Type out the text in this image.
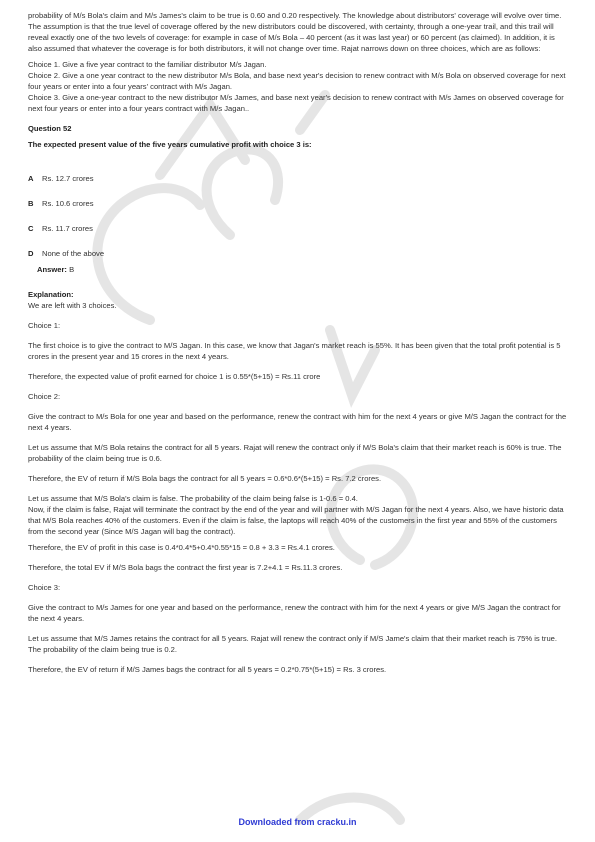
probability of M/s Bola's claim and M/s James's claim to be true is 0.60 and 0.20 respectively. The knowledge about distributors' coverage will evolve over time. The assumption is that the true level of coverage offered by the new distributors could be discovered, with certainty, through a one-year trail, and this trail will reveal exactly one of the two levels of coverage: for example in case of M/s Bola – 40 percent (as it was last year) or 60 percent (as claimed). In addition, it is also assumed that whatever the coverage is for both distributors, it will not change over time. Rajat narrows down on three choices, which are as follows:

Choice 1. Give a five year contract to the familiar distributor M/s Jagan.

Choice 2. Give a one year contract to the new distributor M/s Bola, and base next year's decision to renew contract with M/s Bola on observed coverage for next four years or enter into a four years' contract with M/s Jagan.

Choice 3. Give a one-year contract to the new distributor M/s James, and base next year's decision to renew contract with M/s James on observed coverage for next four years or enter into a four years contract with M/s Jagan..

Question 52

The expected present value of the five years cumulative profit with choice 3 is:

A	Rs. 12.7 crores
B	Rs. 10.6 crores
C	Rs. 11.7 crores
D	None of the above

Answer: B

Explanation:

We are left with 3 choices.

Choice 1:

The first choice is to give the contract to M/S Jagan. In this case, we know that Jagan's market reach is 55%. It has been given that the total profit potential is 5 crores in the present year and 15 crores in the next 4 years.

Therefore, the expected value of profit earned for choice 1 is 0.55*(5+15) = Rs.11 crore

Choice 2:

Give the contract to M/s Bola for one year and based on the performance, renew the contract with him for the next 4 years or give M/S Jagan the contract for the next 4 years.

Let us assume that M/S Bola retains the contract for all 5 years. Rajat will renew the contract only if M/S Bola's claim that their market reach is 60% is true. The probability of the claim being true is 0.6.

Therefore, the EV of return if M/S Bola bags the contract for all 5 years = 0.6*0.6*(5+15) = Rs. 7.2 crores.

Let us assume that M/S Bola's claim is false. The probability of the claim being false is 1-0.6 = 0.4.

Now, if the claim is false, Rajat will terminate the contract by the end of the year and will partner with M/S Jagan for the next 4 years. Also, we have historic data that M/S Bola reaches 40% of the customers. Even if the claim is false, the laptops will reach 40% of the customers in the first year and 55% of the customers from the second year (Since M/S Jagan will bag the contract).

Therefore, the EV of profit in this case is 0.4*0.4*5+0.4*0.55*15 = 0.8 + 3.3 = Rs.4.1 crores.

Therefore, the total EV if M/S Bola bags the contract the first year is 7.2+4.1 = Rs.11.3 crores.

Choice 3:

Give the contract to M/s James for one year and based on the performance, renew the contract with him for the next 4 years or give M/S Jagan the contract for the next 4 years.

Let us assume that M/S James retains the contract for all 5 years. Rajat will renew the contract only if M/S Jame's claim that their market reach is 75% is true. The probability of the claim being true is 0.2.

Therefore, the EV of return if M/S James bags the contract for all 5 years = 0.2*0.75*(5+15) = Rs. 3 crores.

Downloaded from cracku.in
